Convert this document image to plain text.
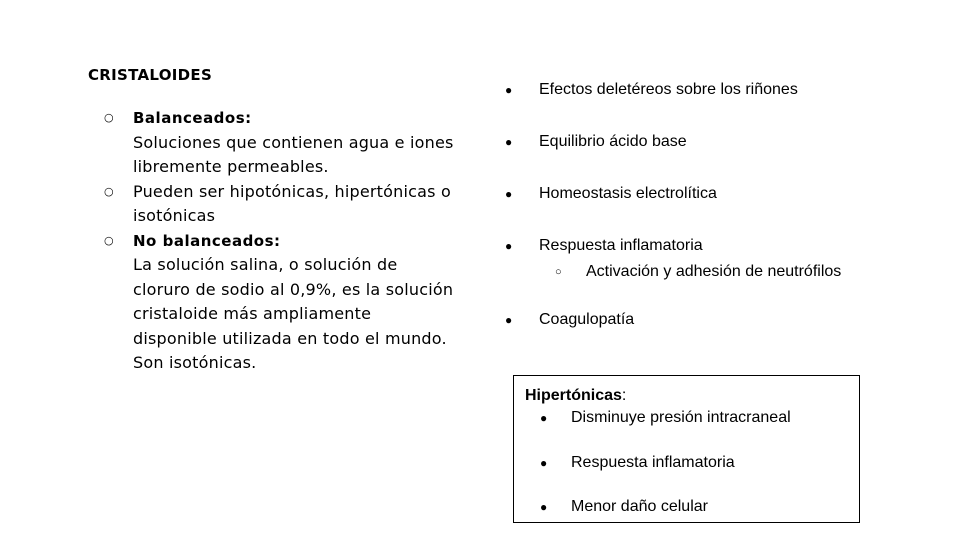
CRISTALOIDES
○ Balanceados:
Soluciones que contienen agua e iones libremente permeables.
○ Pueden ser hipotónicas, hipertónicas o isotónicas
○ No balanceados:
La solución salina, o solución de cloruro de sodio al 0,9%, es la solución cristaloide más ampliamente disponible utilizada en todo el mundo.
Son isotónicas.
● Efectos deletéreos sobre los riñones
● Equilibrio ácido base
● Homeostasis electrolítica
● Respuesta inflamatoria
○ Activación y adhesión de neutrófilos
● Coagulopatía
Hipertónicas:
● Disminuye presión intracraneal
● Respuesta inflamatoria
● Menor daño celular
